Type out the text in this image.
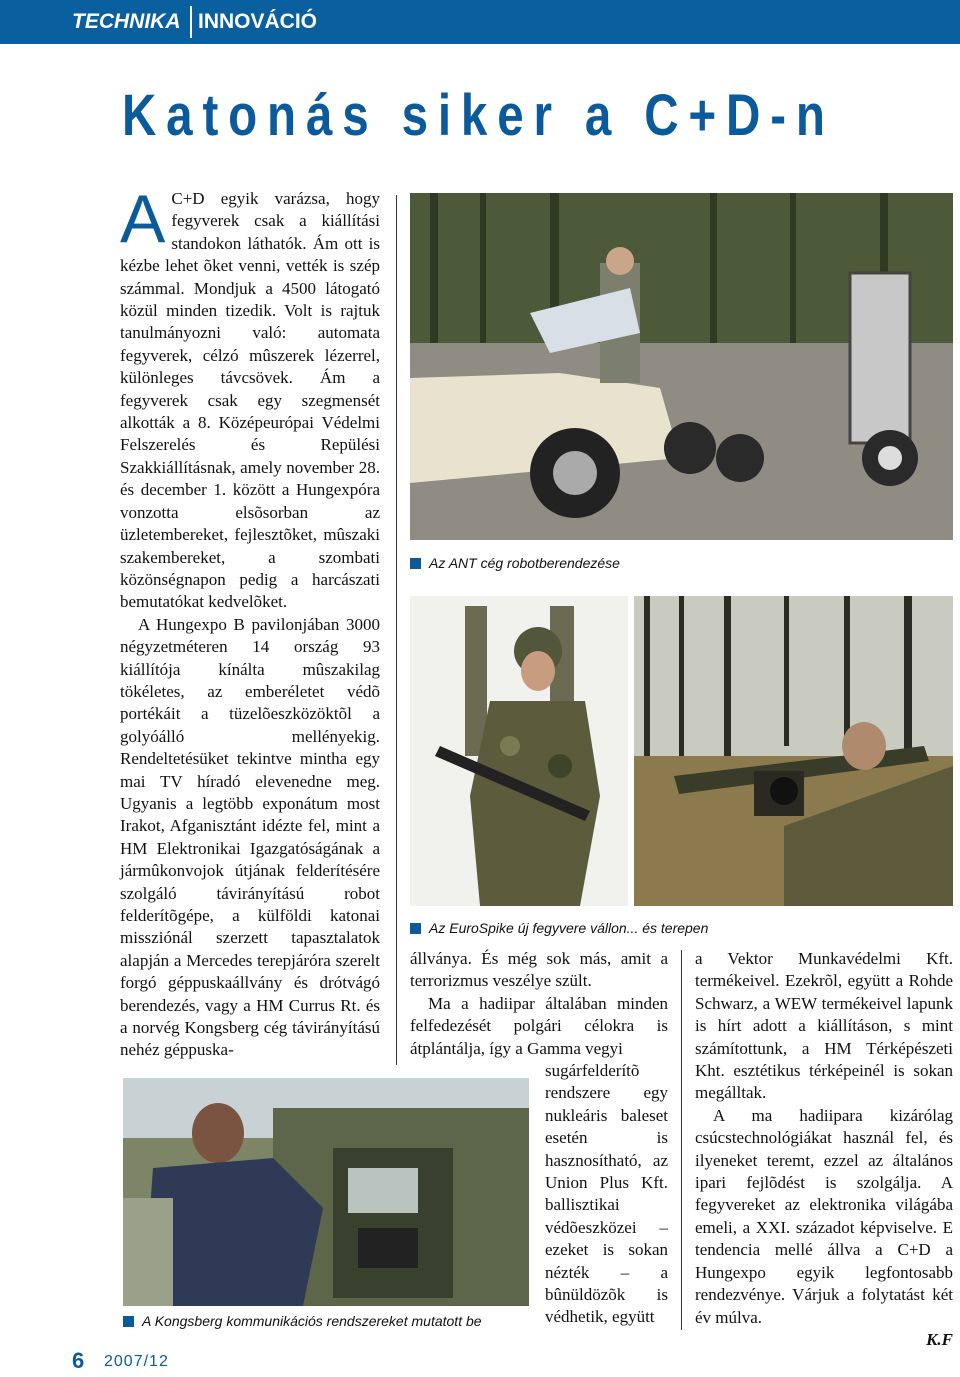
TECHNIKA INNOVÁCIÓ
Katonás siker a C+D-n

A C+D egyik varázsa, hogy fegyverek csak a kiállítási standokon láthatók. Ám ott is kézbe lehet õket venni, vették is szép számmal. Mondjuk a 4500 látogató közül minden tizedik. Volt is rajtuk tanulmányozni való: automata fegyverek, célzó mûszerek lézerrel, különleges távcsövek. Ám a fegyverek csak egy szegmensét alkották a 8. Középeurópai Védelmi Felszerelés és Repülési Szakkiállításnak, amely november 28. és december 1. között a Hungexpóra vonzotta elsõsorban az üzletembereket, fejlesztõket, mûszaki szakembereket, a szombati közönségnapon pedig a harcászati bemutatókat kedvelõket.

A Hungexpo B pavilonjában 3000 négyzetméteren 14 ország 93 kiállítója kínálta mûszakilag tökéletes, az emberéletet védõ portékáit a tüzelõeszközöktõl a golyóálló mellényekig. Rendeltetésüket tekintve mintha egy mai TV híradó elevenedne meg. Ugyanis a legtöbb exponátum most Irakot, Afganisztánt idézte fel, mint a HM Elektronikai Igazgatóságának a jármûkonvojok útjának felderítésére szolgáló távirányítású robot felderítõgépe, a külföldi katonai missziónál szerzett tapasztalatok alapján a Mercedes terepjáróra szerelt forgó géppuskaállvány és drótvágó berendezés, vagy a HM Currus Rt. és a norvég Kongsberg cég távirányítású nehéz géppuska-

Az ANT cég robotberendezése
Az EuroSpike új fegyvere vállon... és terepen

állványa. És még sok más, amit a terrorizmus veszélye szült.

Ma a hadiipar általában minden felfedezését polgári célokra is átplántálja, így a Gamma vegyi

sugárfelderítõ rendszere egy nukleáris baleset esetén is hasznosítható, az Union Plus Kft. ballisztikai védõeszközei – ezeket is sokan nézték – a bûnüldözõk is védhetik, együtt

a Vektor Munkavédelmi Kft. termékeivel. Ezekrõl, együtt a Rohde Schwarz, a WEW termékeivel lapunk is hírt adott a kiállításon, s mint számítottunk, a HM Térképészeti Kht. esztétikus térképeinél is sokan megálltak.

A ma hadiipara kizárólag csúcstechnológiákat használ fel, és ilyeneket teremt, ezzel az általános ipari fejlõdést is szolgálja. A fegyvereket az elektronika világába emeli, a XXI. századot képviselve. E tendencia mellé állva a C+D a Hungexpo egyik legfontosabb rendezvénye. Várjuk a folytatást két év múlva.

K.F

A Kongsberg kommunikációs rendszereket mutatott be
6 2007/12
